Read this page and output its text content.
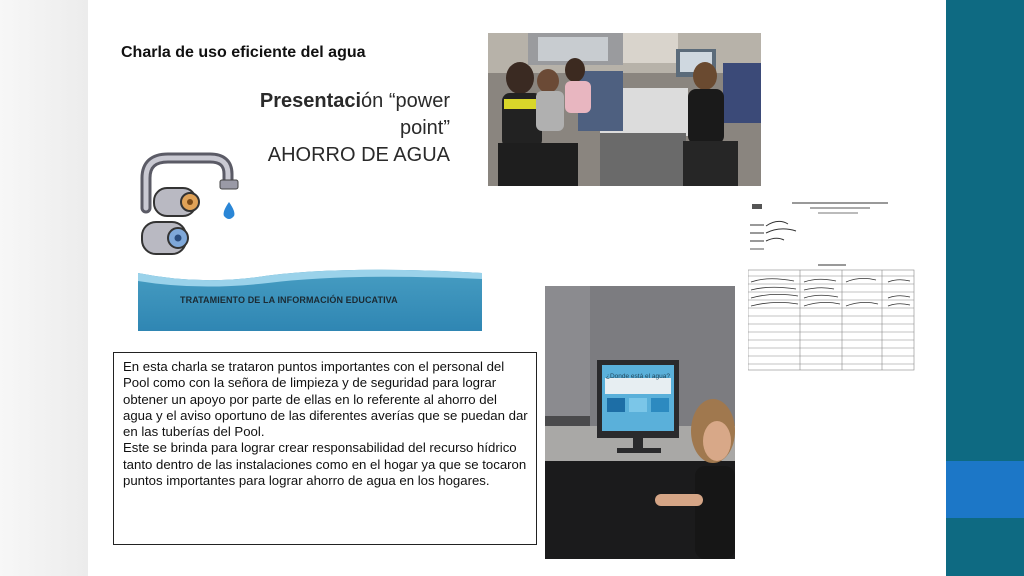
Charla de uso eficiente del agua
Presentación “power
point”
AHORRO DE AGUA
TRATAMIENTO DE LA INFORMACIÓN EDUCATIVA
¿Donde está el agua?

En esta charla se trataron puntos importantes con el personal del Pool como con la señora de limpieza y de seguridad para lograr obtener un apoyo por parte de ellas en lo referente al ahorro del agua y el aviso oportuno de las diferentes averías que se puedan dar en las tuberías del Pool.

Este se brinda para lograr crear responsabilidad del recurso hídrico tanto dentro de las instalaciones como en el hogar ya que se tocaron puntos importantes para lograr ahorro de agua en los hogares.
